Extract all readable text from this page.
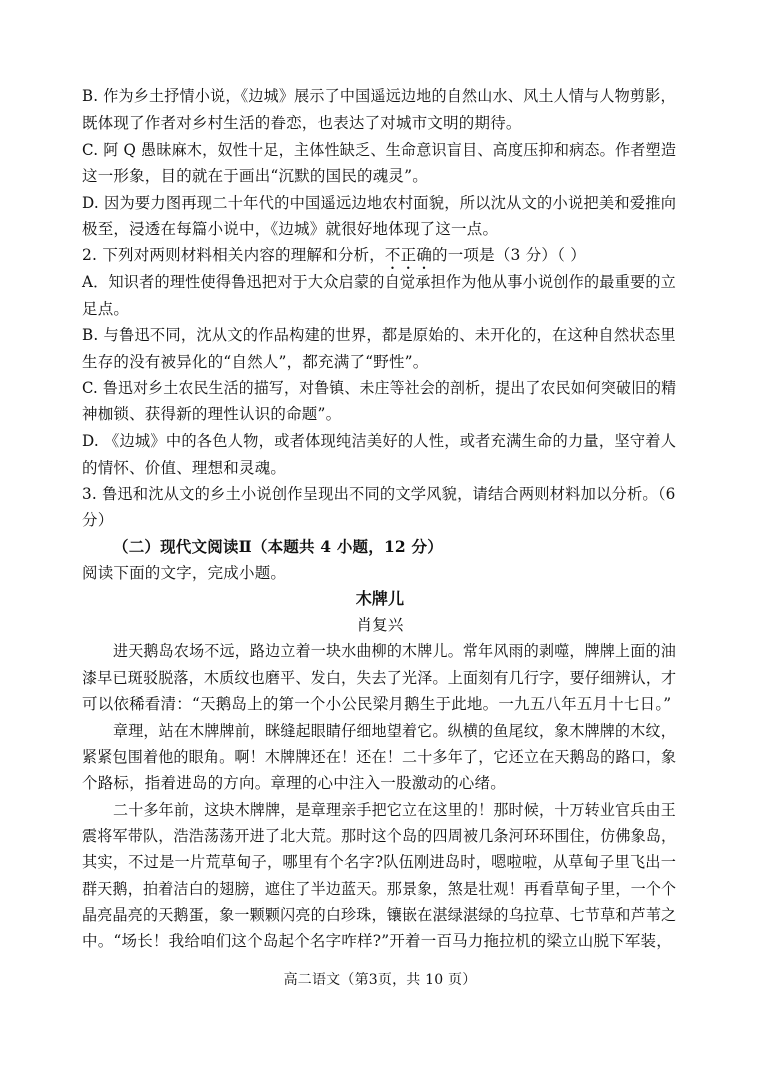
B. 作为乡土抒情小说，《边城》展示了中国遥远边地的自然山水、风土人情与人物剪影，
既体现了作者对乡村生活的眷恋，也表达了对城市文明的期待。
C. 阿 Q 愚昧麻木，奴性十足，主体性缺乏、生命意识盲目、高度压抑和病态。作者塑造
这一形象，目的就在于画出“沉默的国民的魂灵”。
D. 因为要力图再现二十年代的中国遥远边地农村面貌，所以沈从文的小说把美和爱推向
极至，浸透在每篇小说中，《边城》就很好地体现了这一点。
2. 下列对两则材料相关内容的理解和分析，不正确的一项是（3 分）（ ）
A．知识者的理性使得鲁迅把对于大众启蒙的自觉承担作为他从事小说创作的最重要的立
足点。
B. 与鲁迅不同，沈从文的作品构建的世界，都是原始的、未开化的，在这种自然状态里
生存的没有被异化的“自然人”，都充满了“野性”。
C. 鲁迅对乡土农民生活的描写，对鲁镇、未庄等社会的剖析，提出了农民如何突破旧的精
神枷锁、获得新的理性认识的命题”。
D. 《边城》中的各色人物，或者体现纯洁美好的人性，或者充满生命的力量，坚守着人
的情怀、价值、理想和灵魂。
3. 鲁迅和沈从文的乡土小说创作呈现出不同的文学风貌，请结合两则材料加以分析。（6
分）
（二）现代文阅读Ⅱ（本题共 4 小题，12 分）
阅读下面的文字，完成小题。
木牌儿
肖复兴
进天鹅岛农场不远，路边立着一块水曲柳的木牌儿。常年风雨的剥噬，牌牌上面的油
漆早已斑驳脱落，木质纹也磨平、发白，失去了光泽。上面刻有几行字，要仔细辨认，才
可以依稀看清：“天鹅岛上的第一个小公民梁月鹅生于此地。一九五八年五月十七日。”
章理，站在木牌牌前，眯缝起眼睛仔细地望着它。纵横的鱼尾纹，象木牌牌的木纹，
紧紧包围着他的眼角。啊！木牌牌还在！还在！二十多年了，它还立在天鹅岛的路口，象
个路标，指着进岛的方向。章理的心中注入一股激动的心绪。
二十多年前，这块木牌牌，是章理亲手把它立在这里的！那时候，十万转业官兵由王
震将军带队，浩浩荡荡开进了北大荒。那时这个岛的四周被几条河环环围住，仿佛象岛，
其实，不过是一片荒草甸子，哪里有个名字?队伍刚进岛时，嗯啦啦，从草甸子里飞出一
群天鹅，拍着洁白的翅膀，遮住了半边蓝天。那景象，煞是壮观！再看草甸子里，一个个
晶亮晶亮的天鹅蛋，象一颗颗闪亮的白珍珠，镶嵌在湛绿湛绿的乌拉草、七节草和芦苇之
中。“场长！我给咱们这个岛起个名字咋样?”开着一百马力拖拉机的梁立山脱下军装，
高二语文（第3页，共 10 页）
